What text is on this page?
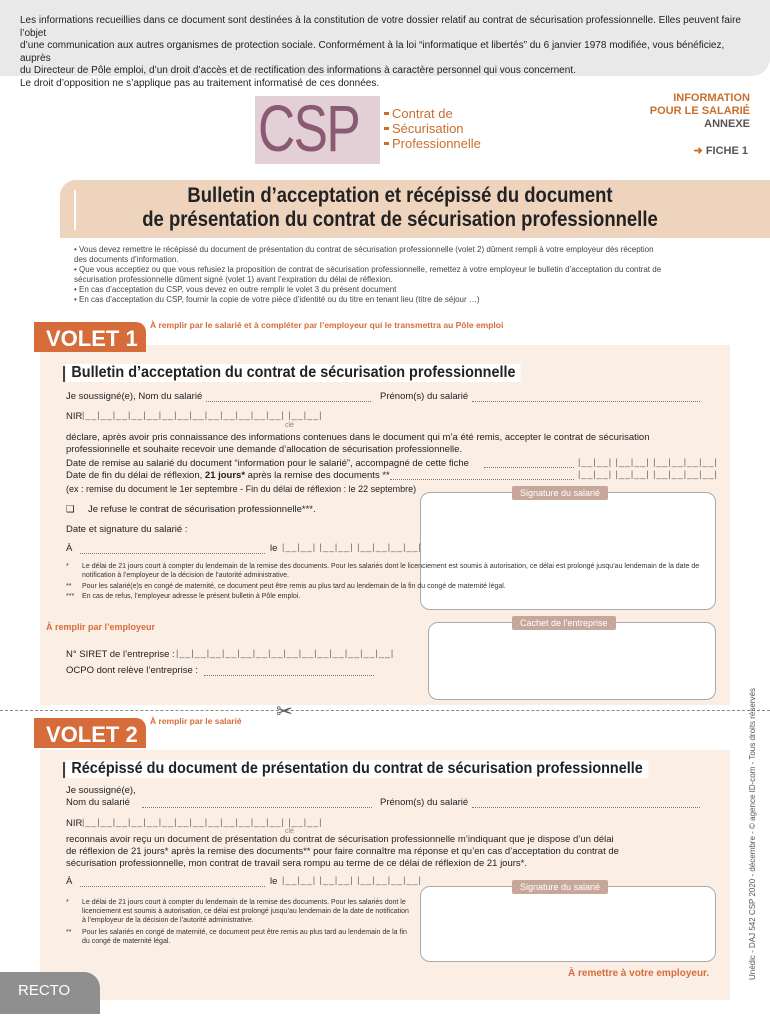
Les informations recueillies dans ce document sont destinées à la constitution de votre dossier relatif au contrat de sécurisation professionnelle. Elles peuvent faire l’objet
d’une communication aux autres organismes de protection sociale. Conformément à la loi “informatique et libertés” du 6 janvier 1978 modifiée, vous bénéficiez, auprès
du Directeur de Pôle emploi, d’un droit d’accès et de rectification des informations à caractère personnel qui vous concernent.
Le droit d’opposition ne s’applique pas au traitement informatisé de ces données.
CSP	Contrat de
Sécurisation
Professionnelle
INFORMATION
POUR LE SALARIÉ
ANNEXE
➜ FICHE 1
Bulletin d’acceptation et récépissé du document
de présentation du contrat de sécurisation professionnelle
• Vous devez remettre le récépissé du document de présentation du contrat de sécurisation professionnelle (volet 2) dûment rempli à votre employeur dès réception
des documents d’information.
• Que vous acceptiez ou que vous refusiez la proposition de contrat de sécurisation professionnelle, remettez à votre employeur le bulletin d’acceptation du contrat de
sécurisation professionnelle dûment signé (volet 1) avant l’expiration du délai de réflexion.
• En cas d’acceptation du CSP, vous devez en outre remplir le volet 3 du présent document
• En cas d’acceptation du CSP, fournir la copie de votre pièce d’identité ou du titre en tenant lieu (titre de séjour …)
VOLET 1
À remplir par le salarié et à compléter par l’employeur qui le transmettra au Pôle emploi
Bulletin d’acceptation du contrat de sécurisation professionnelle
Je soussigné(e), Nom du salarié	Prénom(s) du salarié
NIR |__|__|__|__|__|__|__|__|__|__|__|__|__| |__|__|
clé
déclare, après avoir pris connaissance des informations contenues dans le document qui m’a été remis, accepter le contrat de sécurisation
professionnelle et souhaite recevoir une demande d’allocation de sécurisation professionnelle.
Date de remise au salarié du document “information pour le salarié”, accompagné de cette fiche	|__|__| |__|__| |__|__|__|__|
Date de fin du délai de réflexion, 21 jours* après la remise des documents **	|__|__| |__|__| |__|__|__|__|
(ex : remise du document le 1er septembre - Fin du délai de réflexion : le 22 septembre)	Signature du salarié
❑ Je refuse le contrat de sécurisation professionnelle***.
Date et signature du salarié :
À	le |__|__| |__|__| |__|__|__|__|
* Le délai de 21 jours court à compter du lendemain de la remise des documents. Pour les salariés dont le licenciement est soumis à autorisation, ce délai est prolongé jusqu’au lendemain de la date de notification à l’employeur de la décision de l’autorité administrative.
** Pour les salarié(e)s en congé de maternité, ce document peut être remis au plus tard au lendemain de la fin du congé de maternité légal.
*** En cas de refus, l’employeur adresse le présent bulletin à Pôle emploi.
À remplir par l’employeur	Cachet de l’entreprise
N° SIRET de l’entreprise : |__|__|__|__|__|__|__|__|__|__|__|__|__|__|
OCPO dont relève l’entreprise :
✂
VOLET 2
À remplir par le salarié
Récépissé du document de présentation du contrat de sécurisation professionnelle
Je soussigné(e),
Nom du salarié	Prénom(s) du salarié
NIR |__|__|__|__|__|__|__|__|__|__|__|__|__| |__|__|
clé
reconnais avoir reçu un document de présentation du contrat de sécurisation professionnelle m’indiquant que je dispose d’un délai
de réflexion de 21 jours* après la remise des documents** pour faire connaître ma réponse et qu’en cas d’acceptation du contrat de
sécurisation professionnelle, mon contrat de travail sera rompu au terme de ce délai de réflexion de 21 jours*.
À	le |__|__| |__|__| |__|__|__|__|
Signature du salarié
* Le délai de 21 jours court à compter du lendemain de la remise des documents. Pour les salariés dont le licenciement est soumis à autorisation, ce délai est prolongé jusqu’au lendemain de la date de notification à l’employeur de la décision de l’autorité administrative.
** Pour les salariés en congé de maternité, ce document peut être remis au plus tard au lendemain de la fin du congé de maternité légal.
À remettre à votre employeur.
RECTO
Unédic - DAJ 542 CSP 2020 - décembre - © agence ID-com - Tous droits réservés
